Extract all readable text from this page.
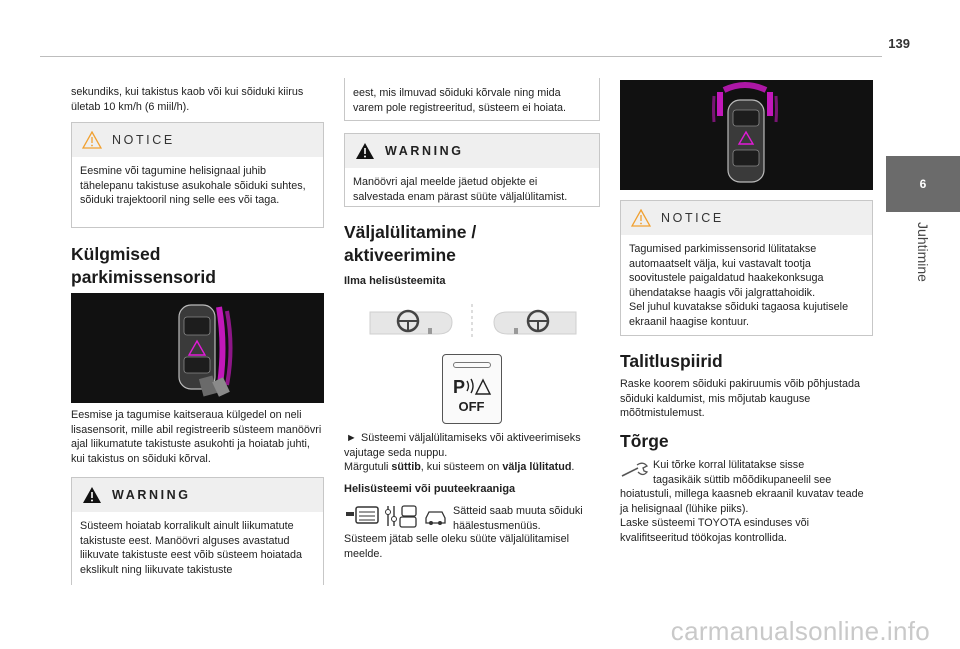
139
6
Juhtimine
sekundiks, kui takistus kaob või kui sõiduki kiirus ületab 10 km/h (6 miil/h).
NOTICE
Eesmine või tagumine helisignaal juhib tähelepanu takistuse asukohale sõiduki suhtes, sõiduki trajektooril ning selle ees või taga.
Külgmised
parkimissensorid
Eesmise ja tagumise kaitseraua külgedel on neli lisasensorit, mille abil registreerib süsteem manöövri ajal liikumatute takistuste asukohti ja hoiatab juhti, kui takistus on sõiduki kõrval.
WARNING
Süsteem hoiatab korralikult ainult liikumatute takistuste eest. Manöövri alguses avastatud liikuvate takistuste eest võib süsteem hoiatada ekslikult ning liikuvate takistuste
eest, mis ilmuvad sõiduki kõrvale ning mida varem pole registreeritud, süsteem ei hoiata.
WARNING
Manöövri ajal meelde jäetud objekte ei salvestada enam pärast süüte väljalülitamist.
Väljalülitamine /
aktiveerimine
Ilma helisüsteemita
P
OFF
► Süsteemi väljalülitamiseks või aktiveerimiseks vajutage seda nuppu.
Märgutuli süttib, kui süsteem on välja lülitatud.
Helisüsteemi või puuteekraaniga
Sätteid saab muuta sõiduki häälestusmenüüs.
Süsteem jätab selle oleku süüte väljalülitamisel meelde.
NOTICE
Tagumised parkimissensorid lülitatakse automaatselt välja, kui vastavalt tootja soovitustele paigaldatud haakekonksuga ühendatakse haagis või jalgrattahoidik.
Sel juhul kuvatakse sõiduki tagaosa kujutisele ekraanil haagise kontuur.
Talitluspiirid
Raske koorem sõiduki pakiruumis võib põhjustada sõiduki kaldumist, mis mõjutab kauguse mõõtmistulemust.
Tõrge
Kui tõrke korral lülitatakse sisse
tagasikäik süttib mõõdikupaneelil see
hoiatustuli, millega kaasneb ekraanil kuvatav teade ja helisignaal (lühike piiks).
Laske süsteemi TOYOTA esinduses või kvalifitseeritud töökojas kontrollida.
carmanualsonline.info
